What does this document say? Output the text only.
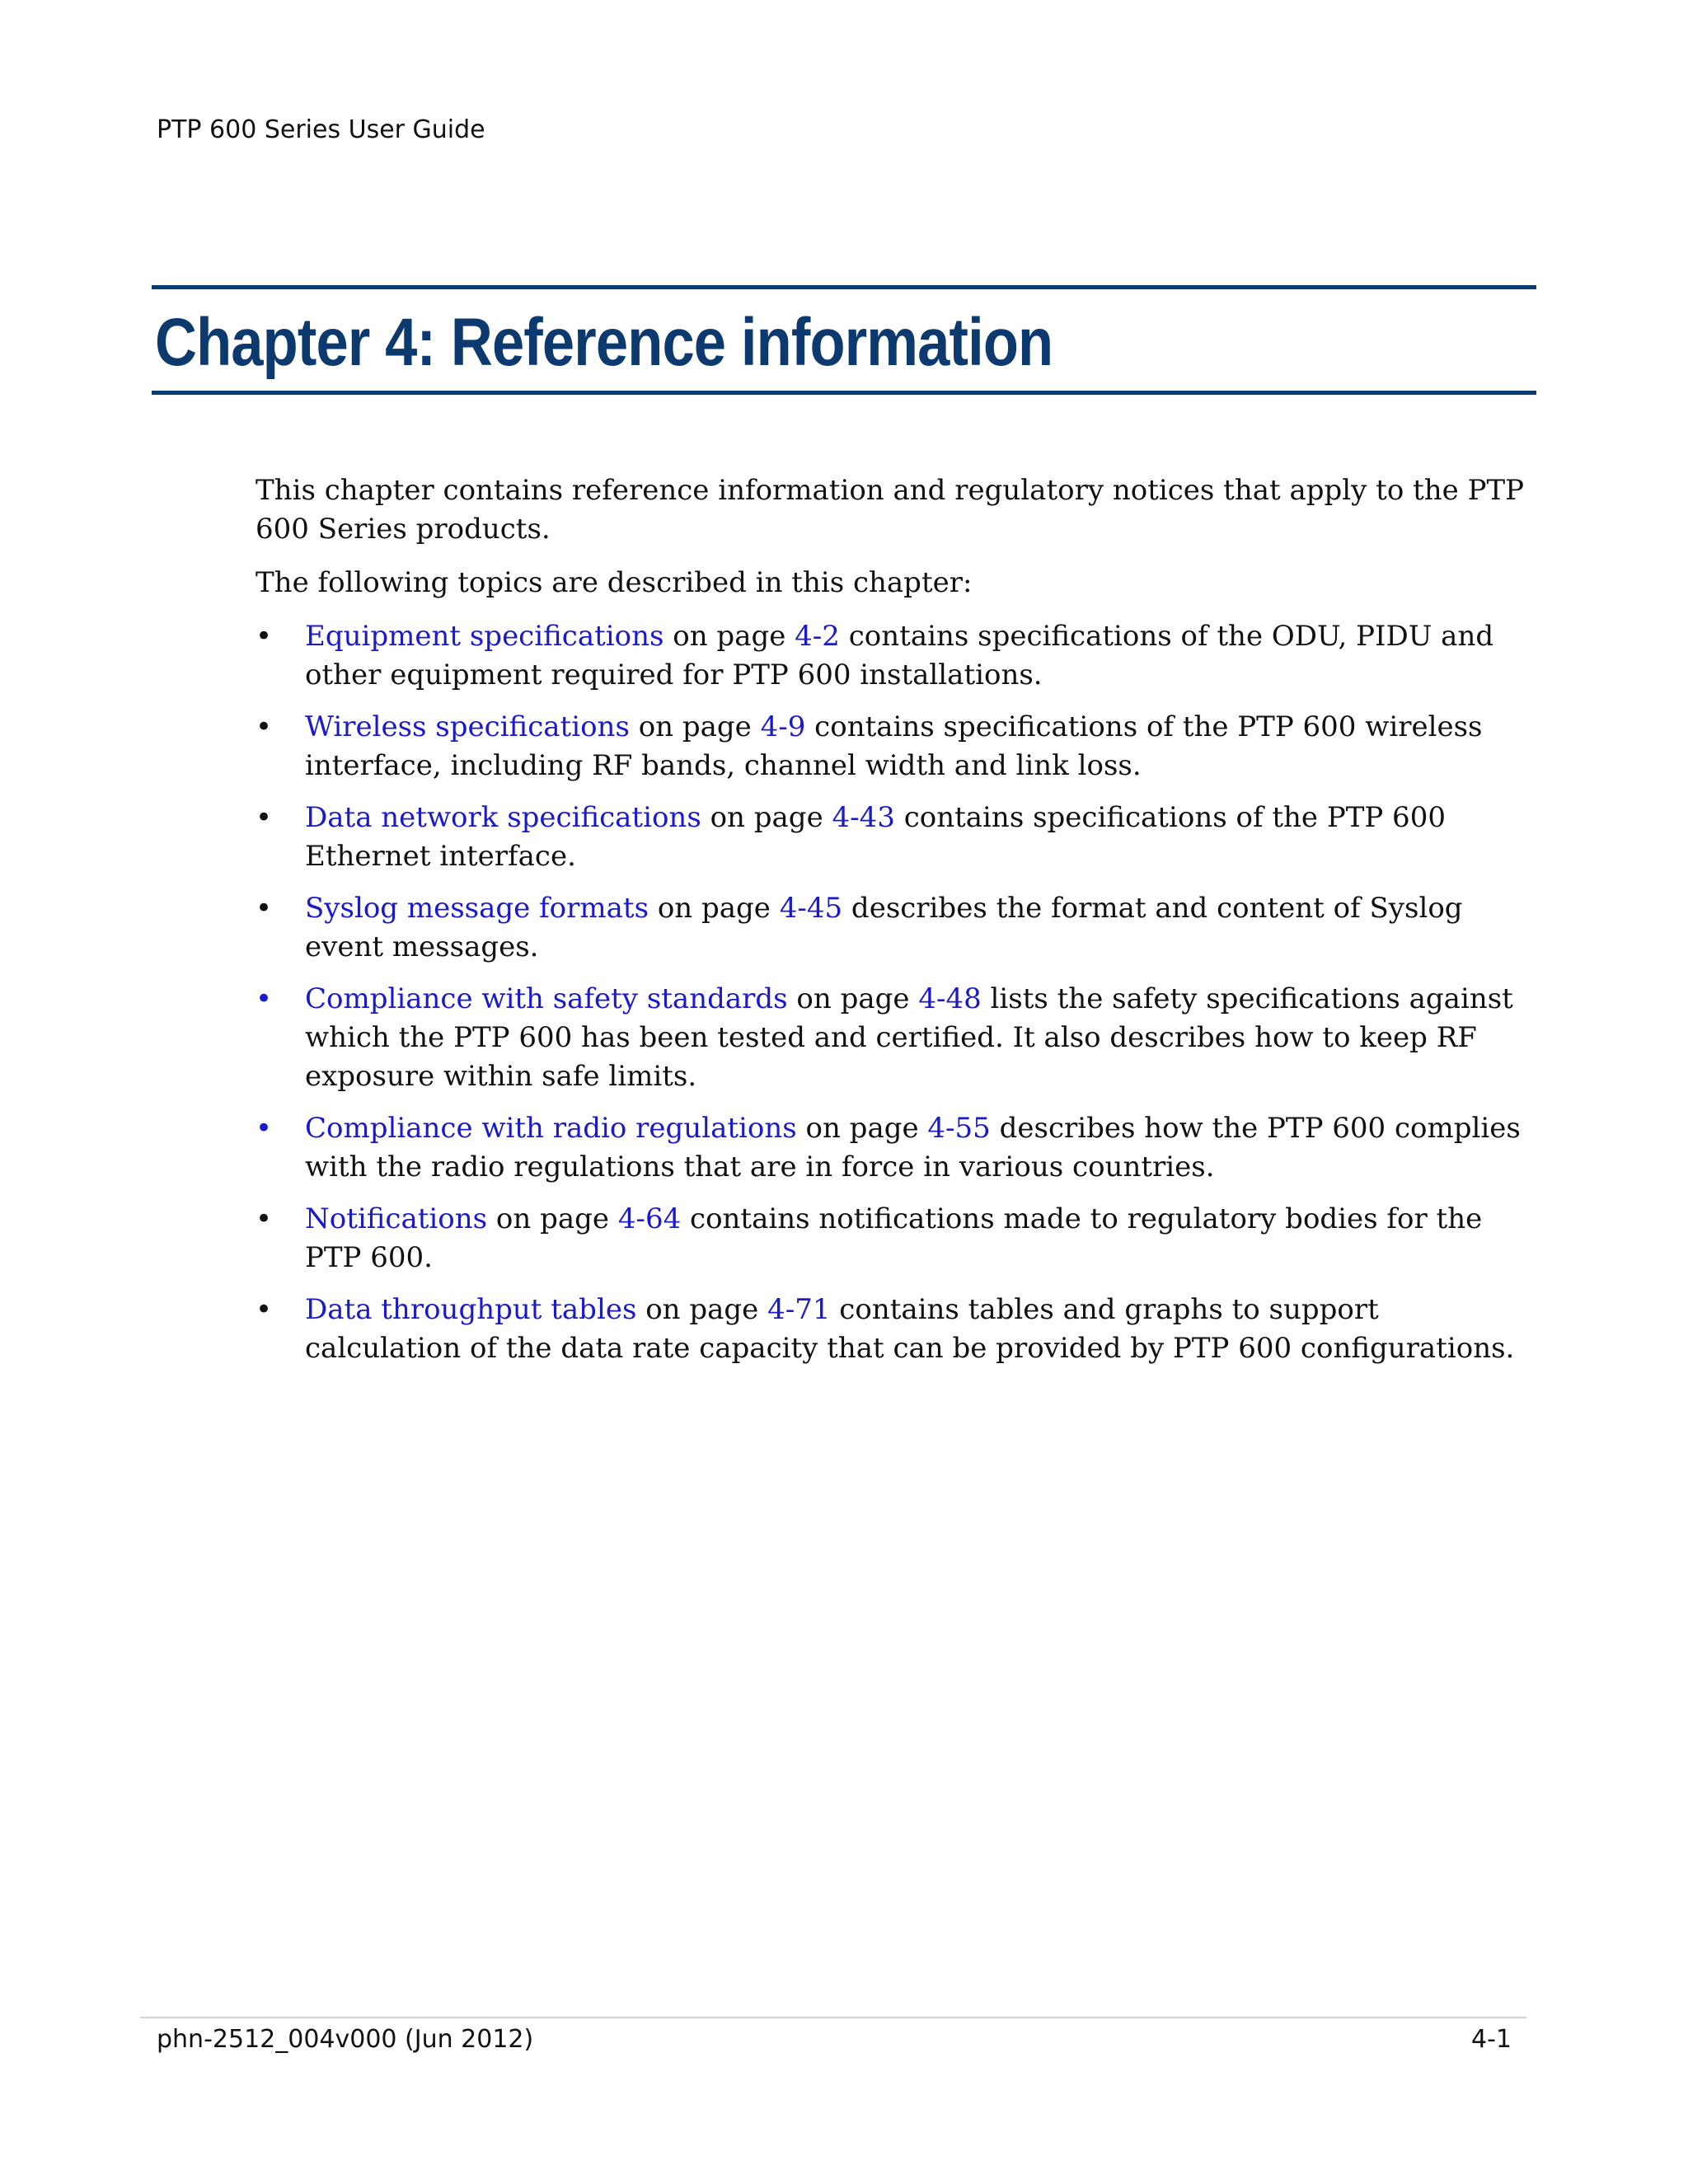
PTP 600 Series User Guide
Chapter 4: Reference information

This chapter contains reference information and regulatory notices that apply to the PTP 600 Series products.

The following topics are described in this chapter:

• Equipment specifications on page 4-2 contains specifications of the ODU, PIDU and other equipment required for PTP 600 installations.
• Wireless specifications on page 4-9 contains specifications of the PTP 600 wireless interface, including RF bands, channel width and link loss.
• Data network specifications on page 4-43 contains specifications of the PTP 600 Ethernet interface.
• Syslog message formats on page 4-45 describes the format and content of Syslog event messages.
• Compliance with safety standards on page 4-48 lists the safety specifications against which the PTP 600 has been tested and certified. It also describes how to keep RF exposure within safe limits.
• Compliance with radio regulations on page 4-55 describes how the PTP 600 complies with the radio regulations that are in force in various countries.
• Notifications on page 4-64 contains notifications made to regulatory bodies for the PTP 600.
• Data throughput tables on page 4-71 contains tables and graphs to support calculation of the data rate capacity that can be provided by PTP 600 configurations.
phn-2512_004v000 (Jun 2012)	4-1
